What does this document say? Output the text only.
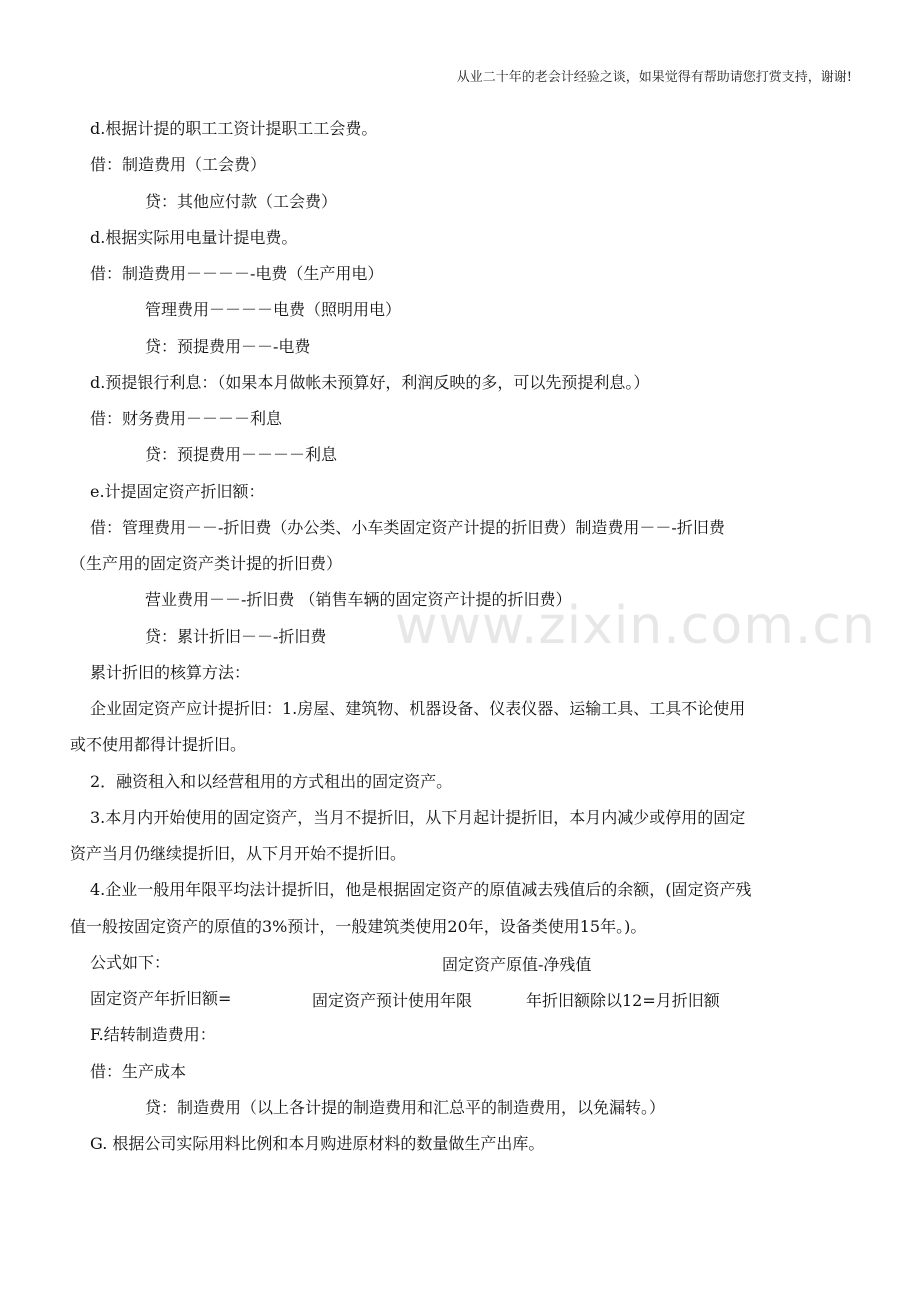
从业二十年的老会计经验之谈，如果觉得有帮助请您打赏支持，谢谢!
www.zixin.com.cn
d.根据计提的职工工资计提职工工会费。
借：制造费用（工会费）
贷：其他应付款（工会费）
d.根据实际用电量计提电费。
借：制造费用－－－－-电费（生产用电）
管理费用－－－－电费（照明用电）
贷：预提费用－－-电费
d.预提银行利息：（如果本月做帐未预算好，利润反映的多，可以先预提利息。）
借：财务费用－－－－利息
贷：预提费用－－－－利息
e.计提固定资产折旧额：
借：管理费用－－-折旧费（办公类、小车类固定资产计提的折旧费）制造费用－－-折旧费
（生产用的固定资产类计提的折旧费）
营业费用－－-折旧费 （销售车辆的固定资产计提的折旧费）
贷：累计折旧－－-折旧费
累计折旧的核算方法：
企业固定资产应计提折旧：1.房屋、建筑物、机器设备、仪表仪器、运输工具、工具不论使用
或不使用都得计提折旧。
2．融资租入和以经营租用的方式租出的固定资产。
3.本月内开始使用的固定资产，当月不提折旧，从下月起计提折旧，本月内减少或停用的固定
资产当月仍继续提折旧，从下月开始不提折旧。
4.企业一般用年限平均法计提折旧，他是根据固定资产的原值减去残值后的余额，(固定资产残
值一般按固定资产的原值的3%预计，一般建筑类使用20年，设备类使用15年。)。
公式如下：	固定资产原值-净残值
固定资产年折旧额=	固定资产预计使用年限	年折旧额除以12=月折旧额
F.结转制造费用：
借：生产成本
贷：制造费用（以上各计提的制造费用和汇总平的制造费用，以免漏转。）
G. 根据公司实际用料比例和本月购进原材料的数量做生产出库。
